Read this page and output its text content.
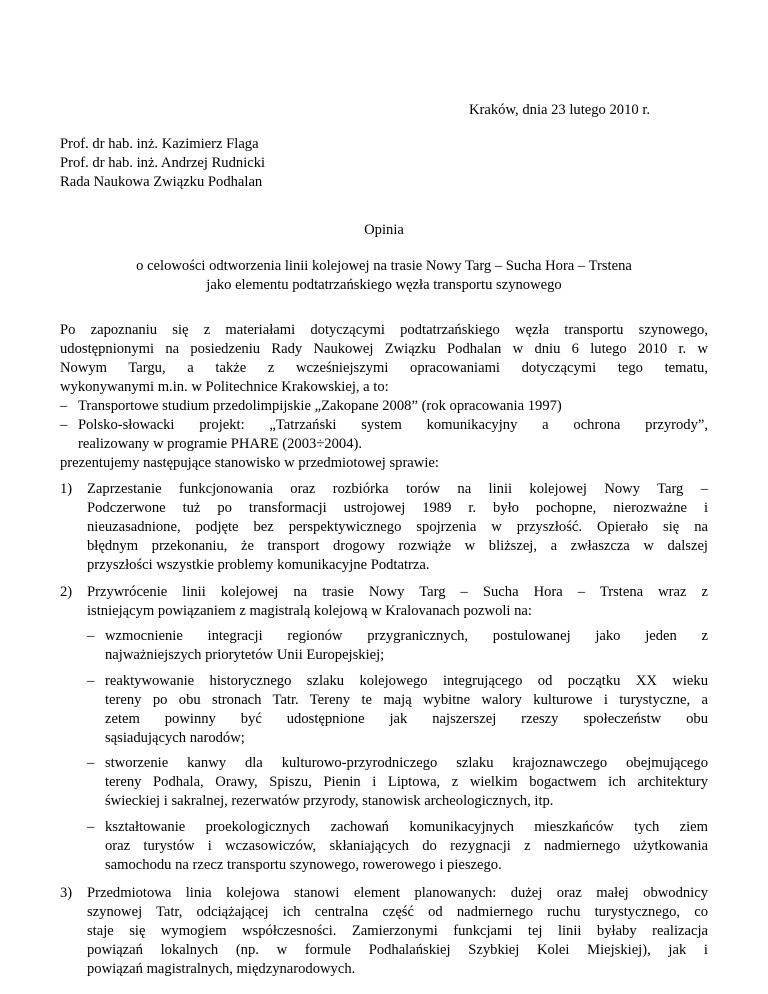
Kraków, dnia 23 lutego 2010 r.

Prof. dr hab. inż. Kazimierz Flaga

Prof. dr hab. inż. Andrzej Rudnicki

Rada Naukowa Związku Podhalan

Opinia

o celowości odtworzenia linii kolejowej na trasie Nowy Targ – Sucha Hora – Trstena

jako elementu podtatrzańskiego węzła transportu szynowego

Po zapoznaniu się z materiałami dotyczącymi podtatrzańskiego węzła transportu szynowego,

udostępnionymi na posiedzeniu Rady Naukowej Związku Podhalan w dniu 6 lutego 2010 r. w

Nowym Targu, a także z wcześniejszymi opracowaniami dotyczącymi tego tematu,

wykonywanymi m.in. w Politechnice Krakowskiej, a to:

– Transportowe studium przedolimpijskie „Zakopane 2008” (rok opracowania 1997)

– Polsko-słowacki projekt: „Tatrzański system komunikacyjny a ochrona przyrody”,

realizowany w programie PHARE (2003÷2004).

prezentujemy następujące stanowisko w przedmiotowej sprawie:

1) Zaprzestanie funkcjonowania oraz rozbiórka torów na linii kolejowej Nowy Targ –

Podczerwone tuż po transformacji ustrojowej 1989 r. było pochopne, nierozważne i

nieuzasadnione, podjęte bez perspektywicznego spojrzenia w przyszłość. Opierało się na

błędnym przekonaniu, że transport drogowy rozwiąże w bliższej, a zwłaszcza w dalszej

przyszłości wszystkie problemy komunikacyjne Podtatrza.

2) Przywrócenie linii kolejowej na trasie Nowy Targ – Sucha Hora – Trstena wraz z

istniejącym powiązaniem z magistralą kolejową w Kralovanach pozwoli na:

– wzmocnienie integracji regionów przygranicznych, postulowanej jako jeden z

najważniejszych priorytetów Unii Europejskiej;

– reaktywowanie historycznego szlaku kolejowego integrującego od początku XX wieku

tereny po obu stronach Tatr. Tereny te mają wybitne walory kulturowe i turystyczne, a

zetem powinny być udostępnione jak najszerszej rzeszy społeczeństw obu

sąsiadujących narodów;

– stworzenie kanwy dla kulturowo-przyrodniczego szlaku krajoznawczego obejmującego

tereny Podhala, Orawy, Spiszu, Pienin i Liptowa, z wielkim bogactwem ich architektury

świeckiej i sakralnej, rezerwatów przyrody, stanowisk archeologicznych, itp.

– kształtowanie proekologicznych zachowań komunikacyjnych mieszkańców tych ziem

oraz turystów i wczasowiczów, skłaniających do rezygnacji z nadmiernego użytkowania

samochodu na rzecz transportu szynowego, rowerowego i pieszego.

3) Przedmiotowa linia kolejowa stanowi element planowanych: dużej oraz małej obwodnicy

szynowej Tatr, odciążającej ich centralna część od nadmiernego ruchu turystycznego, co

staje się wymogiem współczesności. Zamierzonymi funkcjami tej linii byłaby realizacja

powiązań lokalnych (np. w formule Podhalańskiej Szybkiej Kolei Miejskiej), jak i

powiązań magistralnych, międzynarodowych.
